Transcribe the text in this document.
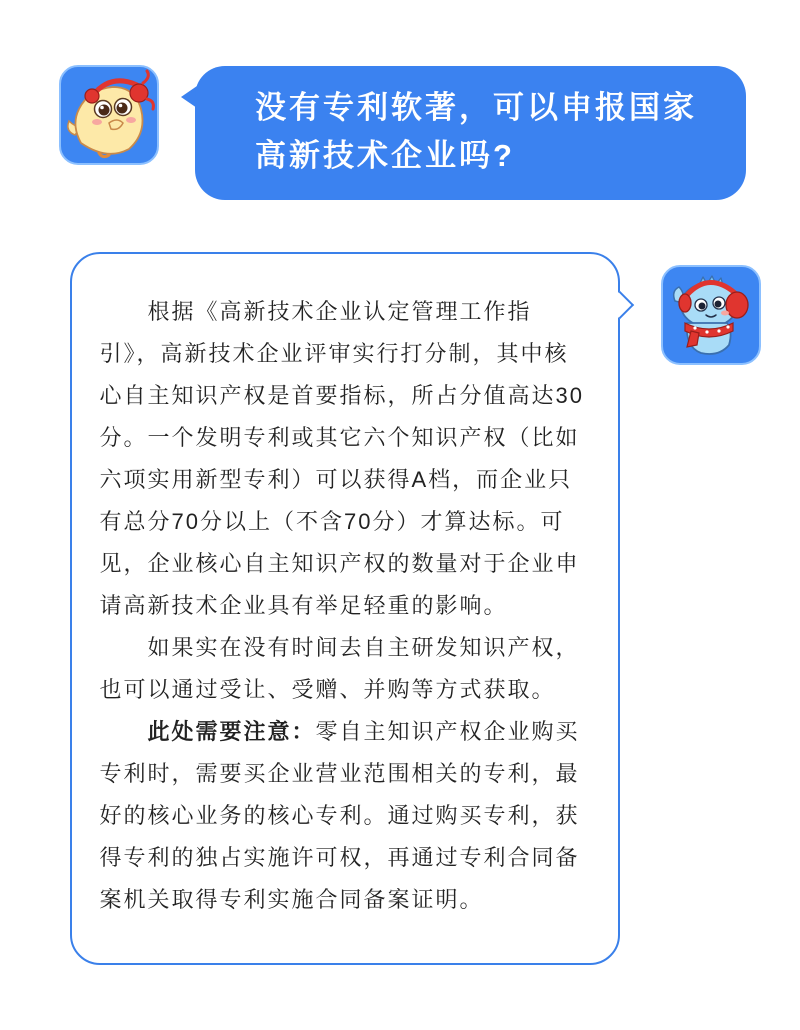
没有专利软著，可以申报国家
高新技术企业吗?
根据《高新技术企业认定管理工作指
引》，高新技术企业评审实行打分制，其中核
心自主知识产权是首要指标，所占分值高达30
分。一个发明专利或其它六个知识产权（比如
六项实用新型专利）可以获得A档，而企业只
有总分70分以上（不含70分）才算达标。可
见，企业核心自主知识产权的数量对于企业申
请高新技术企业具有举足轻重的影响。
如果实在没有时间去自主研发知识产权，
也可以通过受让、受赠、并购等方式获取。
此处需要注意：零自主知识产权企业购买
专利时，需要买企业营业范围相关的专利，最
好的核心业务的核心专利。通过购买专利，获
得专利的独占实施许可权，再通过专利合同备
案机关取得专利实施合同备案证明。
